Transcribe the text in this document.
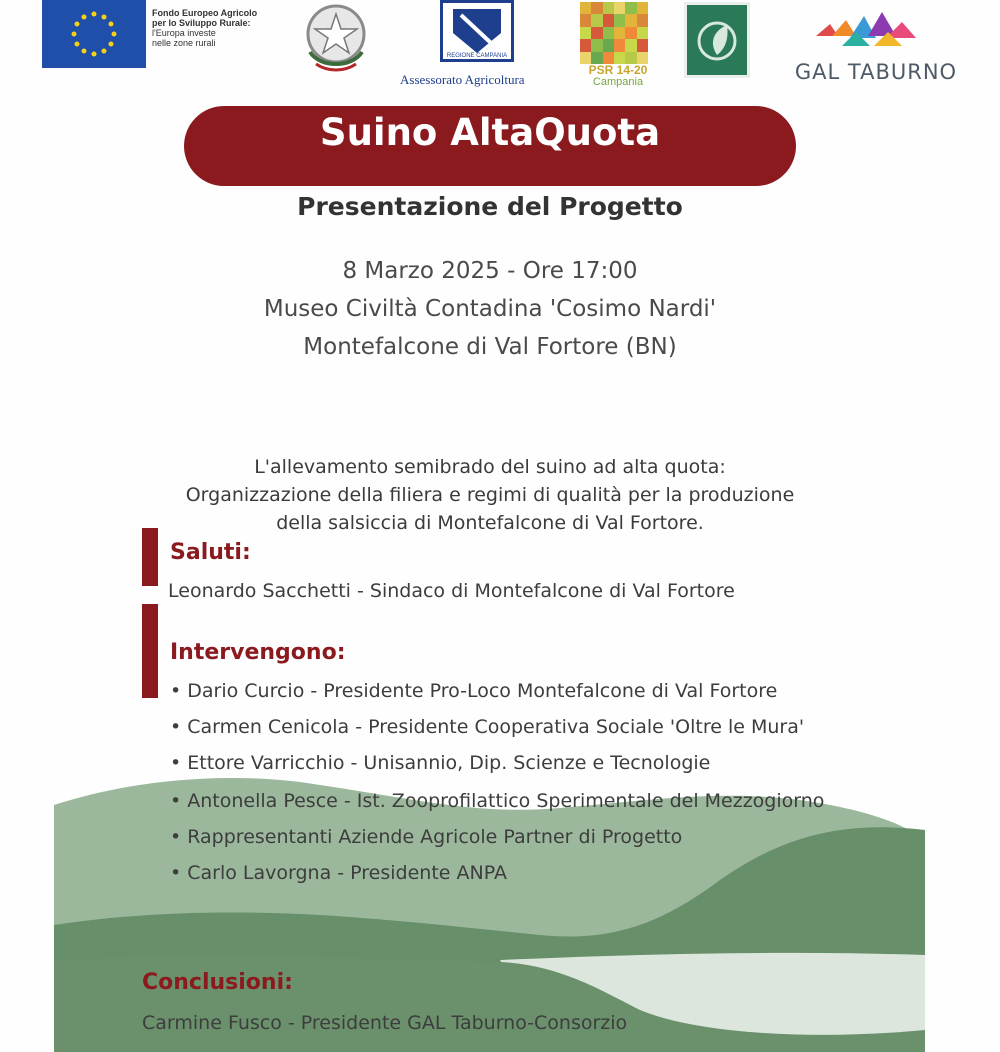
Fondo Europeo Agricolo
per lo Sviluppo Rurale:
l'Europa investe
nelle zone rurali
REGIONE CAMPANIA
Assessorato Agricoltura
PSR 14-20
Campania	GAL TABURNO
Suino AltaQuota
Presentazione del Progetto
8 Marzo 2025 - Ore 17:00
Museo Civiltà Contadina 'Cosimo Nardi'
Montefalcone di Val Fortore (BN)
L'allevamento semibrado del suino ad alta quota:
Organizzazione della filiera e regimi di qualità per la produzione
della salsiccia di Montefalcone di Val Fortore.
Saluti:
Leonardo Sacchetti - Sindaco di Montefalcone di Val Fortore
Intervengono:
• Dario Curcio - Presidente Pro-Loco Montefalcone di Val Fortore
• Carmen Cenicola - Presidente Cooperativa Sociale 'Oltre le Mura'
• Ettore Varricchio - Unisannio, Dip. Scienze e Tecnologie
• Antonella Pesce - Ist. Zooprofilattico Sperimentale del Mezzogiorno
• Rappresentanti Aziende Agricole Partner di Progetto
• Carlo Lavorgna - Presidente ANPA
Conclusioni:
Carmine Fusco - Presidente GAL Taburno-Consorzio
